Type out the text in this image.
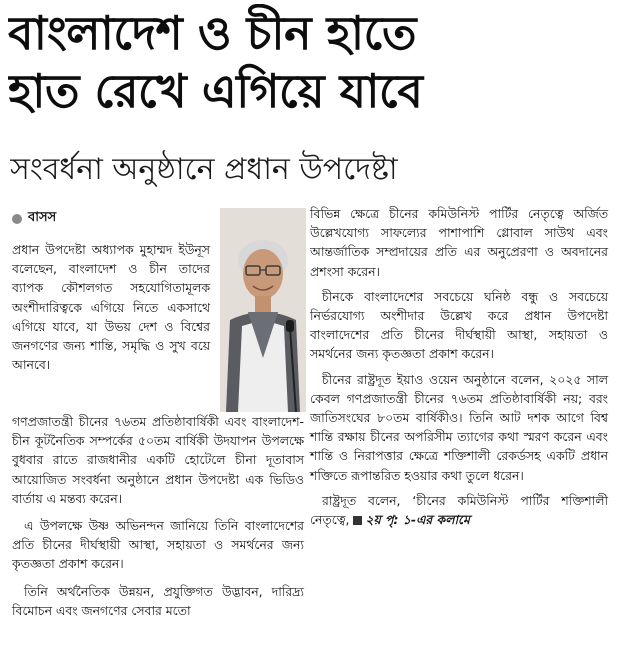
বাংলাদেশ ও চীন হাতে
হাত রেখে এগিয়ে যাবে
সংবর্ধনা অনুষ্ঠানে প্রধান উপদেষ্টা
বাসস
প্রধান উপদেষ্টা অধ্যাপক মুহাম্মদ ইউনূস বলেছেন, বাংলাদেশ ও চীন তাদের ব্যাপক কৌশলগত সহযোগিতামূলক অংশীদারিত্বকে এগিয়ে নিতে একসাথে এগিয়ে যাবে, যা উভয় দেশ ও বিশ্বের জনগণের জন্য শান্তি, সমৃদ্ধি ও সুখ বয়ে আনবে।

গণপ্রজাতন্ত্রী চীনের ৭৬তম প্রতিষ্ঠাবার্ষিকী এবং বাংলাদেশ-চীন কূটনৈতিক সম্পর্কের ৫০তম বার্ষিকী উদযাপন উপলক্ষে বুধবার রাতে রাজধানীর একটি হোটেলে চীনা দূতাবাস আয়োজিত সংবর্ধনা অনুষ্ঠানে প্রধান উপদেষ্টা এক ভিডিও বার্তায় এ মন্তব্য করেন।

এ উপলক্ষে উষ্ণ অভিনন্দন জানিয়ে তিনি বাংলাদেশের প্রতি চীনের দীর্ঘস্থায়ী আস্থা, সহায়তা ও সমর্থনের জন্য কৃতজ্ঞতা প্রকাশ করেন।

তিনি অর্থনৈতিক উন্নয়ন, প্রযুক্তিগত উদ্ভাবন, দারিদ্র্য বিমোচন এবং জনগণের সেবার মতো

বিভিন্ন ক্ষেত্রে চীনের কমিউনিস্ট পার্টির নেতৃত্বে অর্জিত উল্লেখযোগ্য সাফল্যের পাশাপাশি গ্লোবাল সাউথ এবং আন্তর্জাতিক সম্প্রদায়ের প্রতি এর অনুপ্রেরণা ও অবদানের প্রশংসা করেন।

চীনকে বাংলাদেশের সবচেয়ে ঘনিষ্ঠ বন্ধু ও সবচেয়ে নির্ভরযোগ্য অংশীদার উল্লেখ করে প্রধান উপদেষ্টা বাংলাদেশের প্রতি চীনের দীর্ঘস্থায়ী আস্থা, সহায়তা ও সমর্থনের জন্য কৃতজ্ঞতা প্রকাশ করেন।

চীনের রাষ্ট্রদূত ইয়াও ওয়েন অনুষ্ঠানে বলেন, ২০২৫ সাল কেবল গণপ্রজাতন্ত্রী চীনের ৭৬তম প্রতিষ্ঠাবার্ষিকী নয়; বরং জাতিসংঘের ৮০তম বার্ষিকীও। তিনি আট দশক আগে বিশ্ব শান্তি রক্ষায় চীনের অপরিসীম ত্যাগের কথা স্মরণ করেন এবং শান্তি ও নিরাপত্তার ক্ষেত্রে শক্তিশালী রেকর্ডসহ একটি প্রধান শক্তিতে রূপান্তরিত হওয়ার কথা তুলে ধরেন।

রাষ্ট্রদূত বলেন, ‘চীনের কমিউনিস্ট পার্টির শক্তিশালী নেতৃত্বে, ২য় পৃ: ১-এর কলামে
